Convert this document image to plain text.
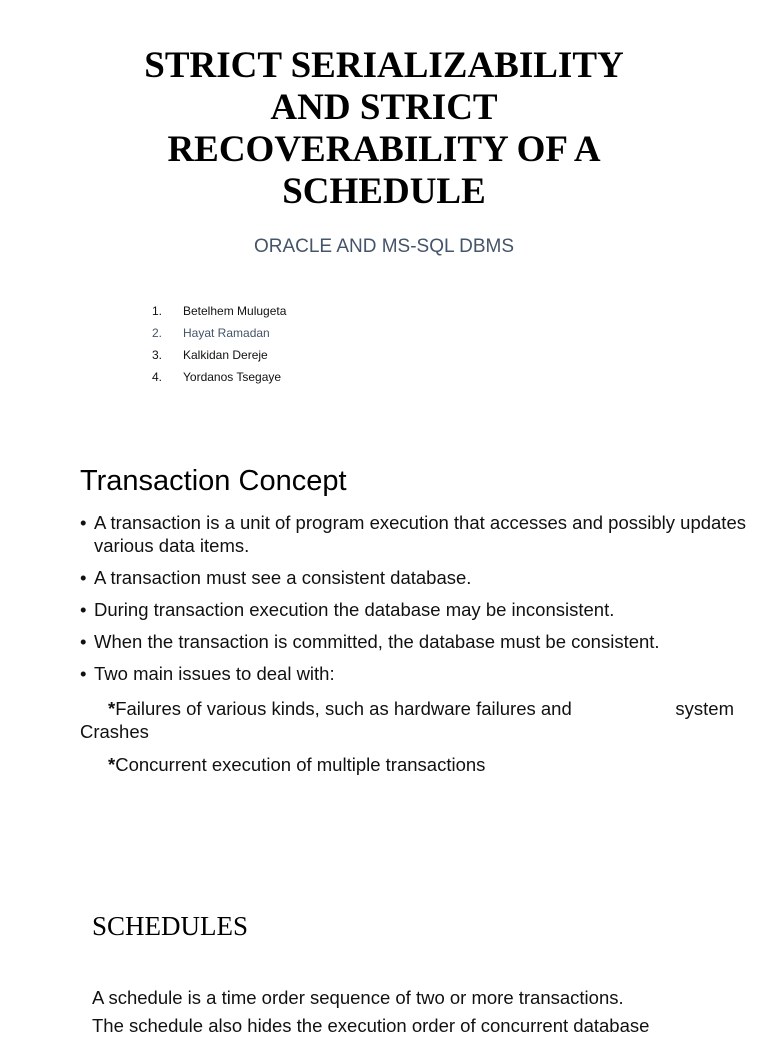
STRICT SERIALIZABILITY
AND STRICT
RECOVERABILITY OF A
SCHEDULE
ORACLE AND MS-SQL DBMS
1.	Betelhem Mulugeta
2.	Hayat Ramadan
3.	Kalkidan Dereje
4.	Yordanos Tsegaye
Transaction Concept
• A transaction is a unit of program execution that accesses and possibly updates various data items.
• A transaction must see a consistent database.
• During transaction execution the database may be inconsistent.
• When the transaction is committed, the database must be consistent.
• Two main issues to deal with:
*Failures of various kinds, such as hardware failures and	system
Crashes
*Concurrent execution of multiple transactions
SCHEDULES

A schedule is a time order sequence of two or more transactions.

The schedule also hides the execution order of concurrent database
